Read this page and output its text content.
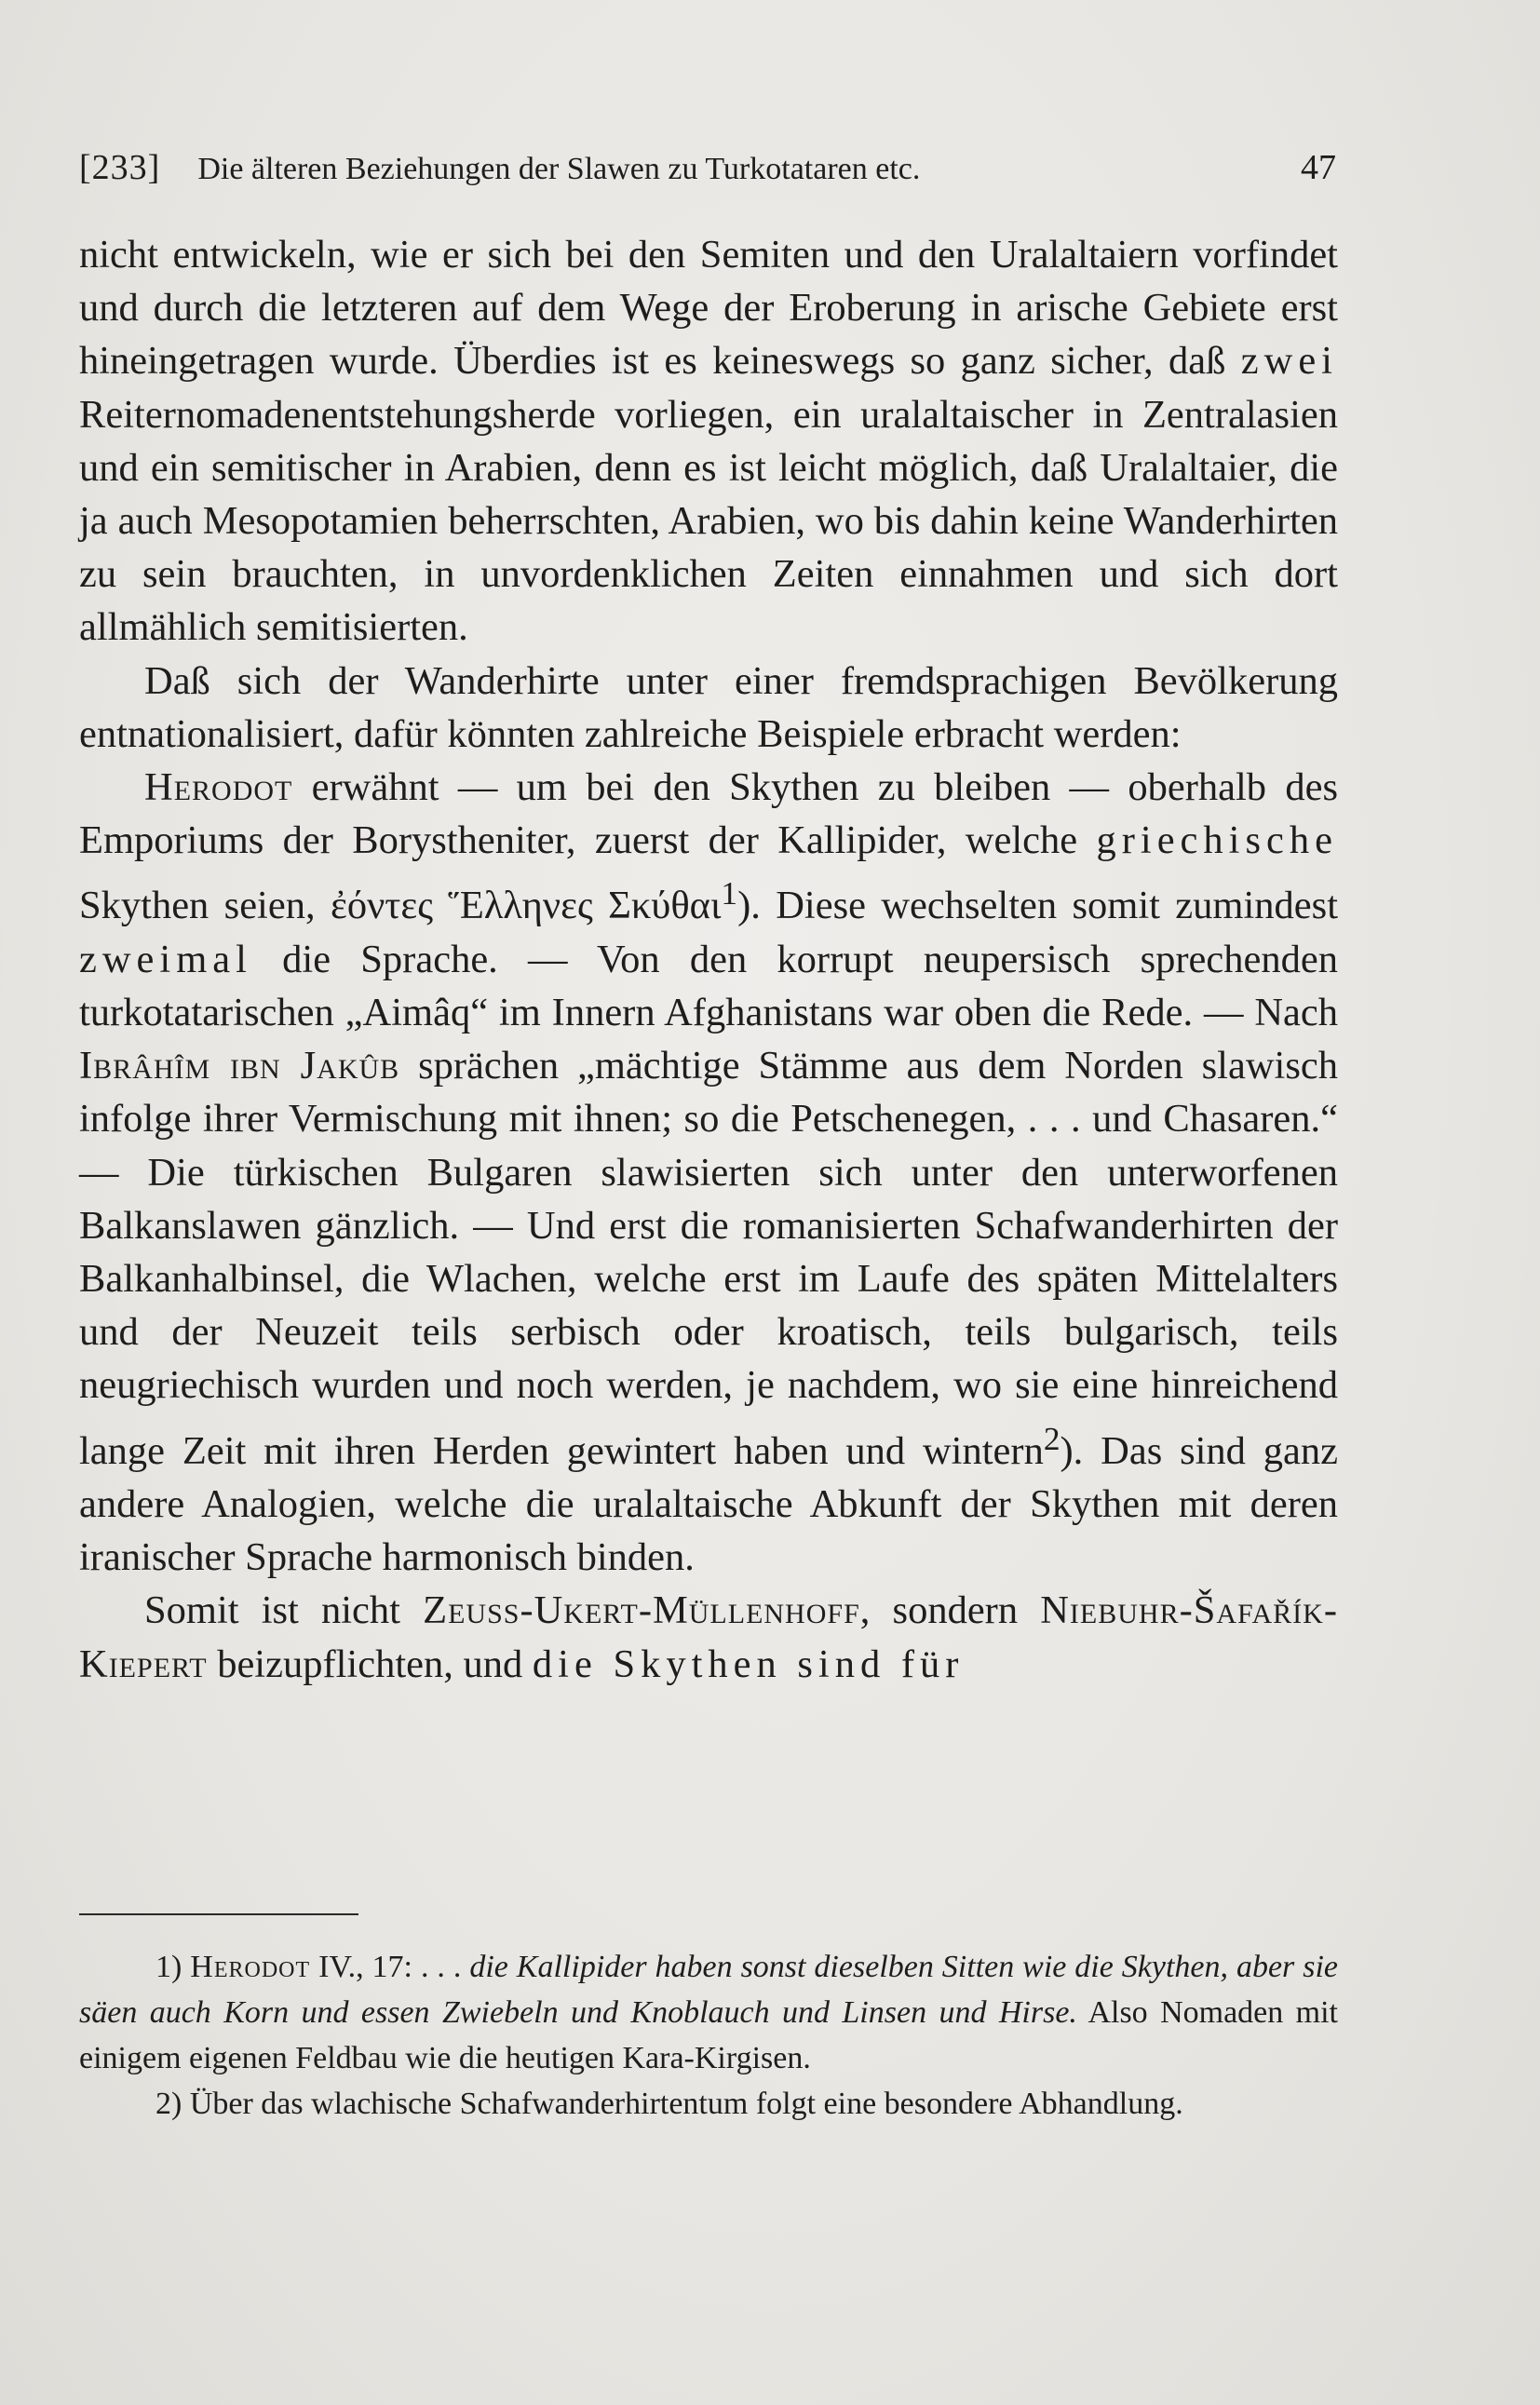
[233] Die älteren Beziehungen der Slawen zu Turkotataren etc.	47

nicht entwickeln, wie er sich bei den Semiten und den Uralaltaiern vorfindet und durch die letzteren auf dem Wege der Eroberung in arische Gebiete erst hineingetragen wurde. Überdies ist es keineswegs so ganz sicher, daß zwei Reiternomadenentstehungsherde vorliegen, ein uralaltaischer in Zentralasien und ein semitischer in Arabien, denn es ist leicht möglich, daß Uralaltaier, die ja auch Mesopotamien beherrschten, Arabien, wo bis dahin keine Wanderhirten zu sein brauchten, in unvordenklichen Zeiten einnahmen und sich dort allmählich semitisierten.

Daß sich der Wanderhirte unter einer fremdsprachigen Bevölkerung entnationalisiert, dafür könnten zahlreiche Beispiele erbracht werden:

Herodot erwähnt — um bei den Skythen zu bleiben — oberhalb des Emporiums der Borystheniter, zuerst der Kallipider, welche griechische Skythen seien, ἐόντες Ἕλληνες Σκύθαι$^1$). Diese wechselten somit zumindest zweimal die Sprache. — Von den korrupt neupersisch sprechenden turkotatarischen „Aimâq“ im Innern Afghanistans war oben die Rede. — Nach Ibrâhîm ibn Jakûb sprächen „mächtige Stämme aus dem Norden slawisch infolge ihrer Vermischung mit ihnen; so die Petschenegen, . . . und Chasaren.“ — Die türkischen Bulgaren slawisierten sich unter den unterworfenen Balkanslawen gänzlich. — Und erst die romanisierten Schafwanderhirten der Balkanhalbinsel, die Wlachen, welche erst im Laufe des späten Mittelalters und der Neuzeit teils serbisch oder kroatisch, teils bulgarisch, teils neugriechisch wurden und noch werden, je nachdem, wo sie eine hinreichend lange Zeit mit ihren Herden gewintert haben und wintern$^2$). Das sind ganz andere Analogien, welche die uralaltaische Abkunft der Skythen mit deren iranischer Sprache harmonisch binden.

Somit ist nicht Zeuss-Ukert-Müllenhoff, sondern Niebuhr-Šafařík-Kiepert beizupflichten, und die Skythen sind für

1) Herodot IV., 17: . . . die Kallipider haben sonst dieselben Sitten wie die Skythen, aber sie säen auch Korn und essen Zwiebeln und Knoblauch und Linsen und Hirse. Also Nomaden mit einigem eigenen Feldbau wie die heutigen Kara-Kirgisen.

2) Über das wlachische Schafwanderhirtentum folgt eine besondere Abhandlung.
